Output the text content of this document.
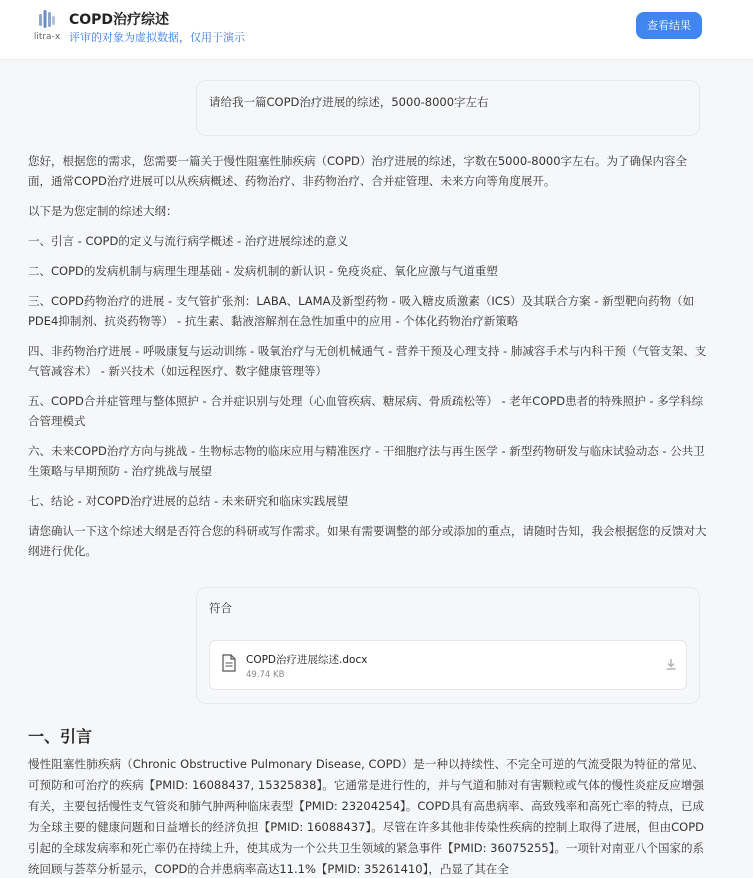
litra-x
COPD治疗综述
评审的对象为虚拟数据，仅用于演示
查看结果
请给我一篇COPD治疗进展的综述，5000-8000字左右

您好，根据您的需求，您需要一篇关于慢性阻塞性肺疾病（COPD）治疗进展的综述，字数在5000-8000字左右。为了确保内容全面，通常COPD治疗进展可以从疾病概述、药物治疗、非药物治疗、合并症管理、未来方向等角度展开。

以下是为您定制的综述大纲：

一、引言 - COPD的定义与流行病学概述 - 治疗进展综述的意义

二、COPD的发病机制与病理生理基础 - 发病机制的新认识 - 免疫炎症、氧化应激与气道重塑

三、COPD药物治疗的进展 - 支气管扩张剂：LABA、LAMA及新型药物 - 吸入糖皮质激素（ICS）及其联合方案 - 新型靶向药物（如PDE4抑制剂、抗炎药物等） - 抗生素、黏液溶解剂在急性加重中的应用 - 个体化药物治疗新策略

四、非药物治疗进展 - 呼吸康复与运动训练 - 吸氧治疗与无创机械通气 - 营养干预及心理支持 - 肺减容手术与内科干预（气管支架、支气管减容术） - 新兴技术（如远程医疗、数字健康管理等）

五、COPD合并症管理与整体照护 - 合并症识别与处理（心血管疾病、糖尿病、骨质疏松等） - 老年COPD患者的特殊照护 - 多学科综合管理模式

六、未来COPD治疗方向与挑战 - 生物标志物的临床应用与精准医疗 - 干细胞疗法与再生医学 - 新型药物研发与临床试验动态 - 公共卫生策略与早期预防 - 治疗挑战与展望

七、结论 - 对COPD治疗进展的总结 - 未来研究和临床实践展望

请您确认一下这个综述大纲是否符合您的科研或写作需求。如果有需要调整的部分或添加的重点，请随时告知，我会根据您的反馈对大纲进行优化。

符合
COPD治疗进展综述.docx
49.74 KB
一、引言
慢性阻塞性肺疾病（Chronic Obstructive Pulmonary Disease, COPD）是一种以持续性、不完全可逆的气流受限为特征的常见、可预防和可治疗的疾病【PMID: 16088437, 15325838】。它通常是进行性的，并与气道和肺对有害颗粒或气体的慢性炎症反应增强有关，主要包括慢性支气管炎和肺气肿两种临床表型【PMID: 23204254】。COPD具有高患病率、高致残率和高死亡率的特点，已成为全球主要的健康问题和日益增长的经济负担【PMID: 16088437】。尽管在许多其他非传染性疾病的控制上取得了进展，但由COPD引起的全球发病率和死亡率仍在持续上升，使其成为一个公共卫生领域的紧急事件【PMID: 36075255】。一项针对南亚八个国家的系统回顾与荟萃分析显示，COPD的合并患病率高达11.1%【PMID: 35261410】，凸显了其在全
